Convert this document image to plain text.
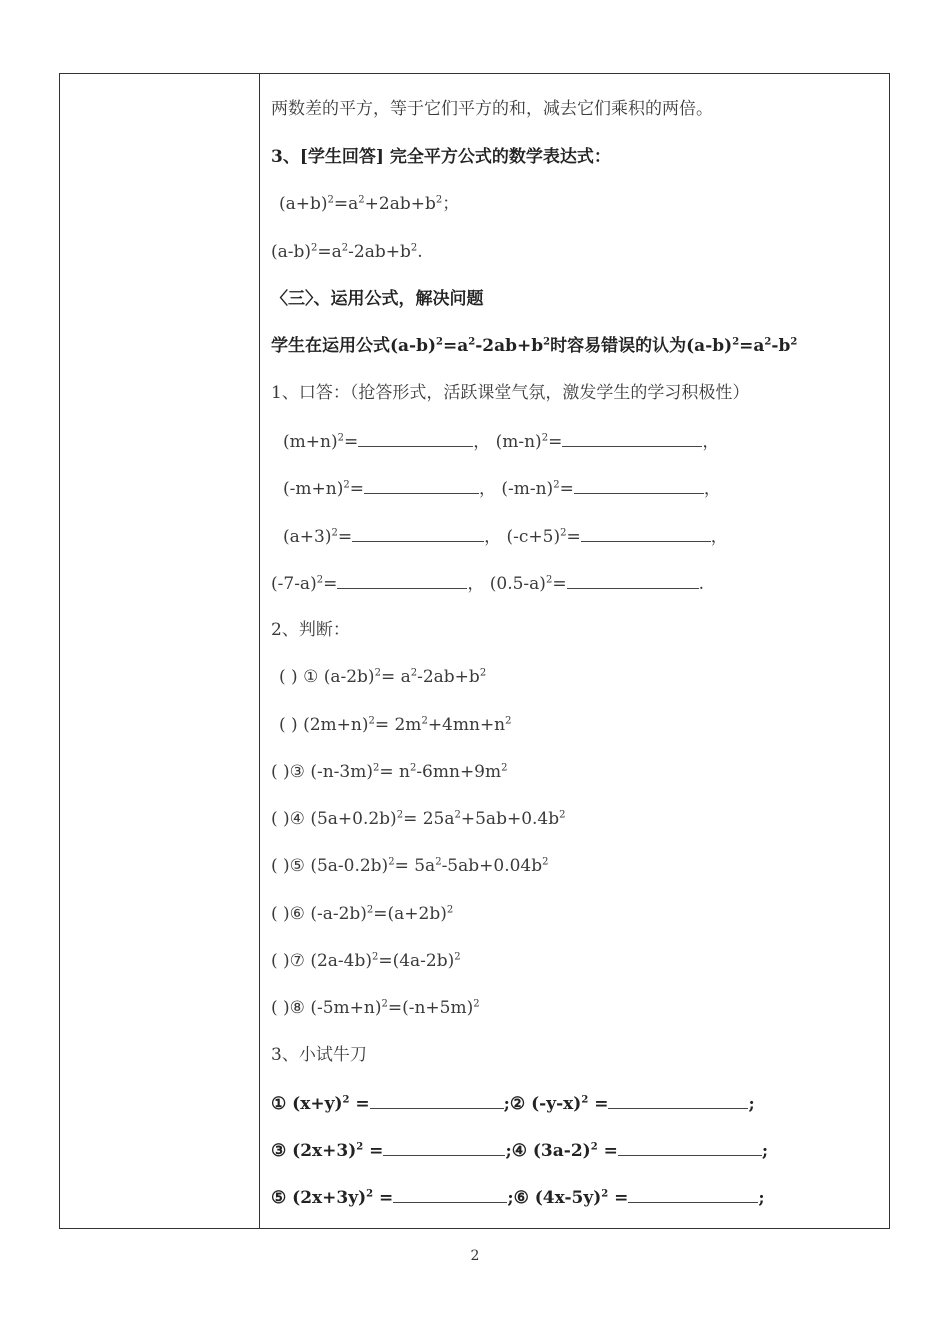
两数差的平方，等于它们平方的和，减去它们乘积的两倍。
3、[学生回答] 完全平方公式的数学表达式：
$(a+b)^2=a^2+2ab+b^2$；
$(a-b)^2=a^2-2ab+b^2$.
〈三〉、运用公式，解决问题
学生在运用公式$(a-b)^2=a^2-2ab+b^2$时容易错误的认为$(a-b)^2=a^2-b^2$
1、口答：（抢答形式，活跃课堂气氛，激发学生的学习积极性）
$(m+n)^2=$	， $(m-n)^2=$	，
$(-m+n)^2=$	， $(-m-n)^2=$	，
$(a+3)^2=$	， $(-c+5)^2=$	，
$(-7-a)^2=$	， $(0.5-a)^2=$	.
2、判断：
( ) ① $(a-2b)^2= a^2-2ab+b^2$
( ) $(2m+n)^2= 2m^2+4mn+n^2$
( )③ $(-n-3m)^2= n^2-6mn+9m^2$
( )④ $(5a+0.2b)^2= 25a^2+5ab+0.4b^2$
( )⑤ $(5a-0.2b)^2= 5a^2-5ab+0.04b^2$
( )⑥ $(-a-2b)^2=(a+2b)^2$
( )⑦ $(2a-4b)^2=(4a-2b)^2$
( )⑧ $(-5m+n)^2=(-n+5m)^2$
3、小试牛刀
① $(x+y)^2$ =	;② $(-y-x)^2$ =	;
③ $(2x+3)^2$ =	;④ $(3a-2)^2$ =	;
⑤ $(2x+3y)^2$ =	;⑥ $(4x-5y)^2$ =	;
2
